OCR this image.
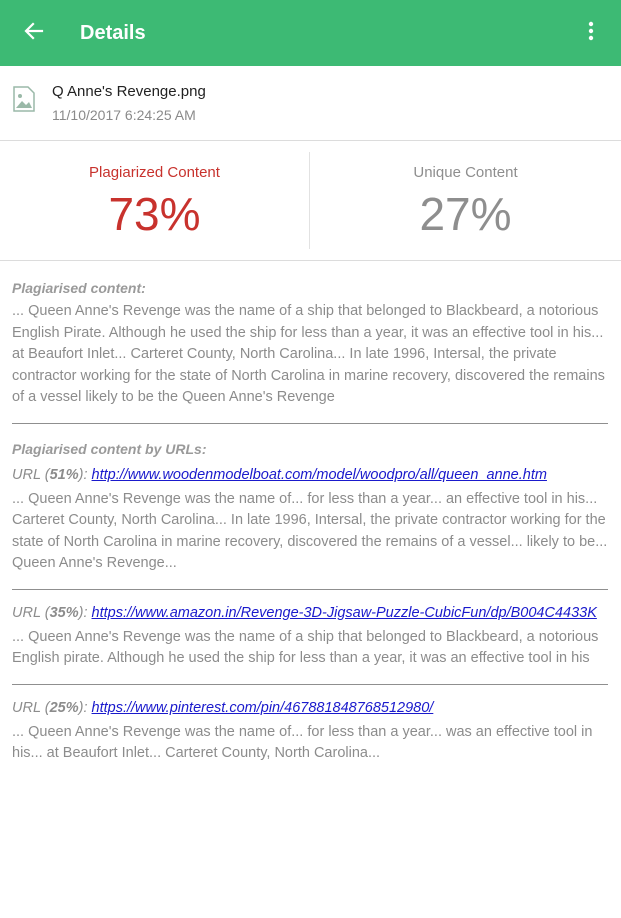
Details
Q Anne's Revenge.png
11/10/2017 6:24:25 AM
Plagiarized Content
73%
Unique Content
27%

Plagiarised content:

... Queen Anne's Revenge was the name of a ship that belonged to Blackbeard, a notorious English Pirate. Although he used the ship for less than a year, it was an effective tool in his... at Beaufort Inlet... Carteret County, North Carolina... In late 1996, Intersal, the private contractor working for the state of North Carolina in marine recovery, discovered the remains of a vessel likely to be the Queen Anne's Revenge

Plagiarised content by URLs:

URL (51%): http://www.woodenmodelboat.com/model/woodpro/all/queen_anne.htm

... Queen Anne's Revenge was the name of... for less than a year... an effective tool in his... Carteret County, North Carolina... In late 1996, Intersal, the private contractor working for the state of North Carolina in marine recovery, discovered the remains of a vessel... likely to be... Queen Anne's Revenge...

URL (35%): https://www.amazon.in/Revenge-3D-Jigsaw-Puzzle-CubicFun/dp/B004C4433K

... Queen Anne's Revenge was the name of a ship that belonged to Blackbeard, a notorious English pirate. Although he used the ship for less than a year, it was an effective tool in his

URL (25%): https://www.pinterest.com/pin/467881848768512980/

... Queen Anne's Revenge was the name of... for less than a year... was an effective tool in his... at Beaufort Inlet... Carteret County, North Carolina...
